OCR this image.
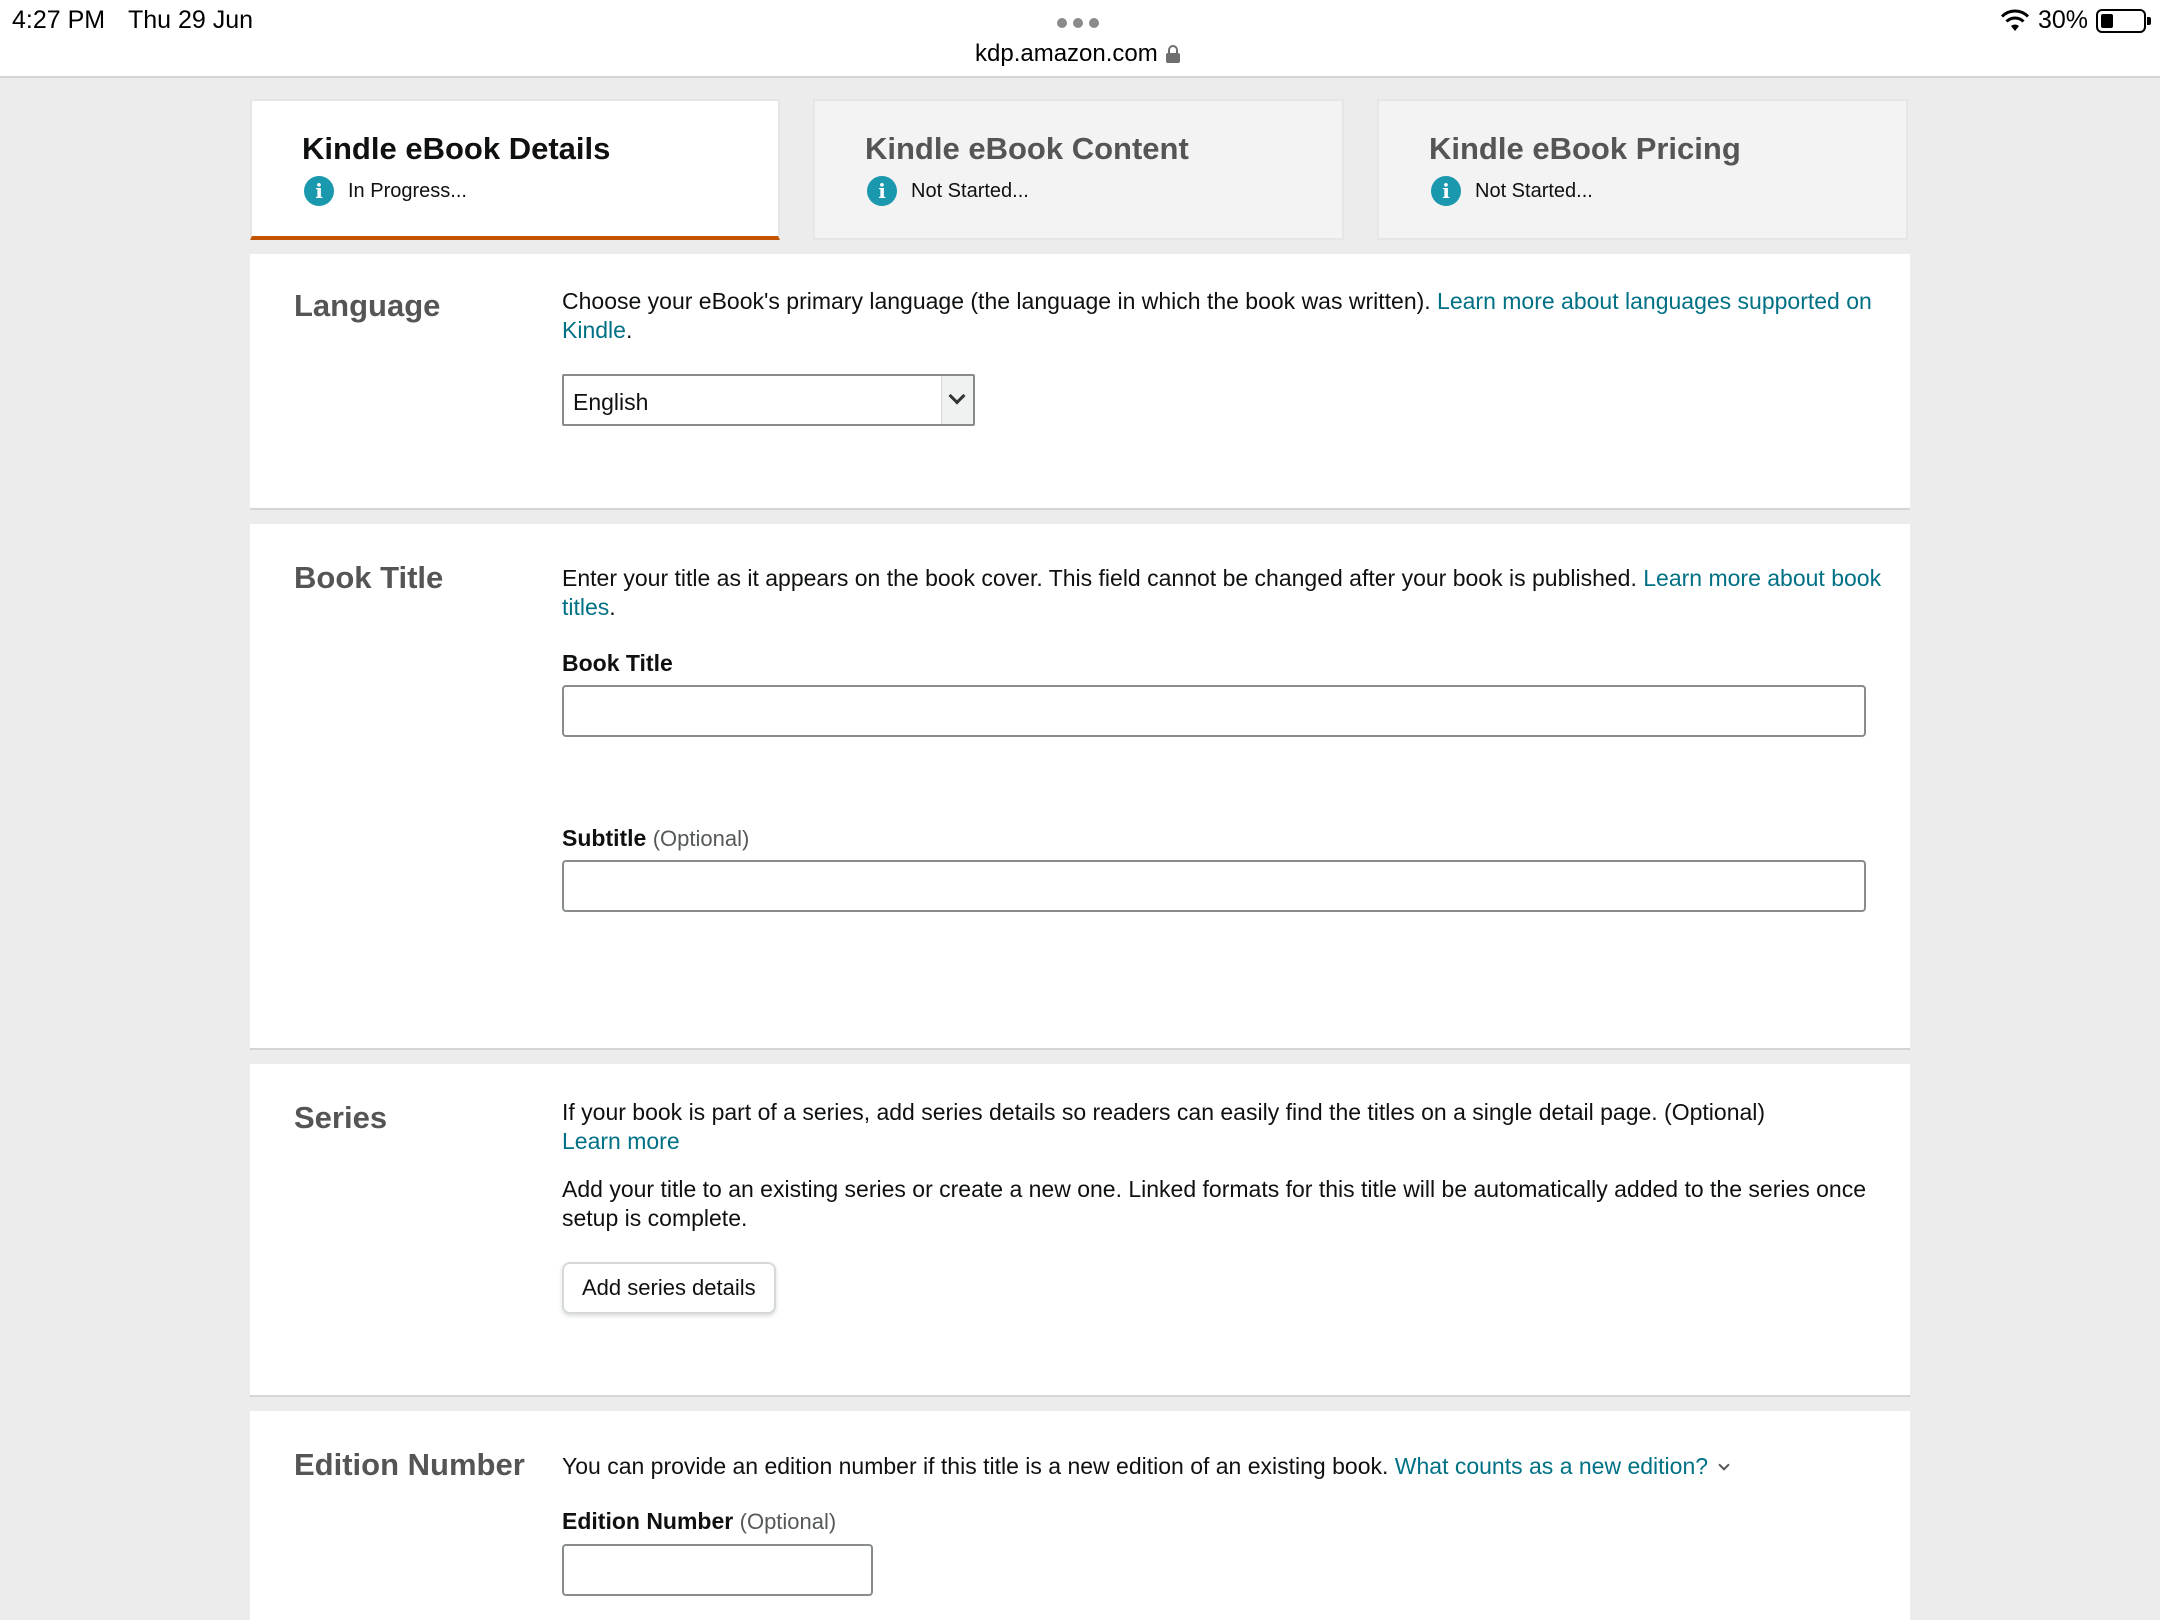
4:27 PM Thu 29 Jun
kdp.amazon.com
30%
Kindle eBook Details
i	In Progress...
Kindle eBook Content
i	Not Started...
Kindle eBook Pricing
i	Not Started...
Language	Choose your eBook's primary language (the language in which the book was written). Learn more about languages supported on Kindle.

English
Book Title	Enter your title as it appears on the book cover. This field cannot be changed after your book is published. Learn more about book titles.

Book Title
Subtitle (Optional)
Series	If your book is part of a series, add series details so readers can easily find the titles on a single detail page. (Optional)
Learn more

Add your title to an existing series or create a new one. Linked formats for this title will be automatically added to the series once setup is complete.

Add series details
Edition Number You can provide an edition number if this title is a new edition of an existing book. What counts as a new edition?

Edition Number (Optional)
